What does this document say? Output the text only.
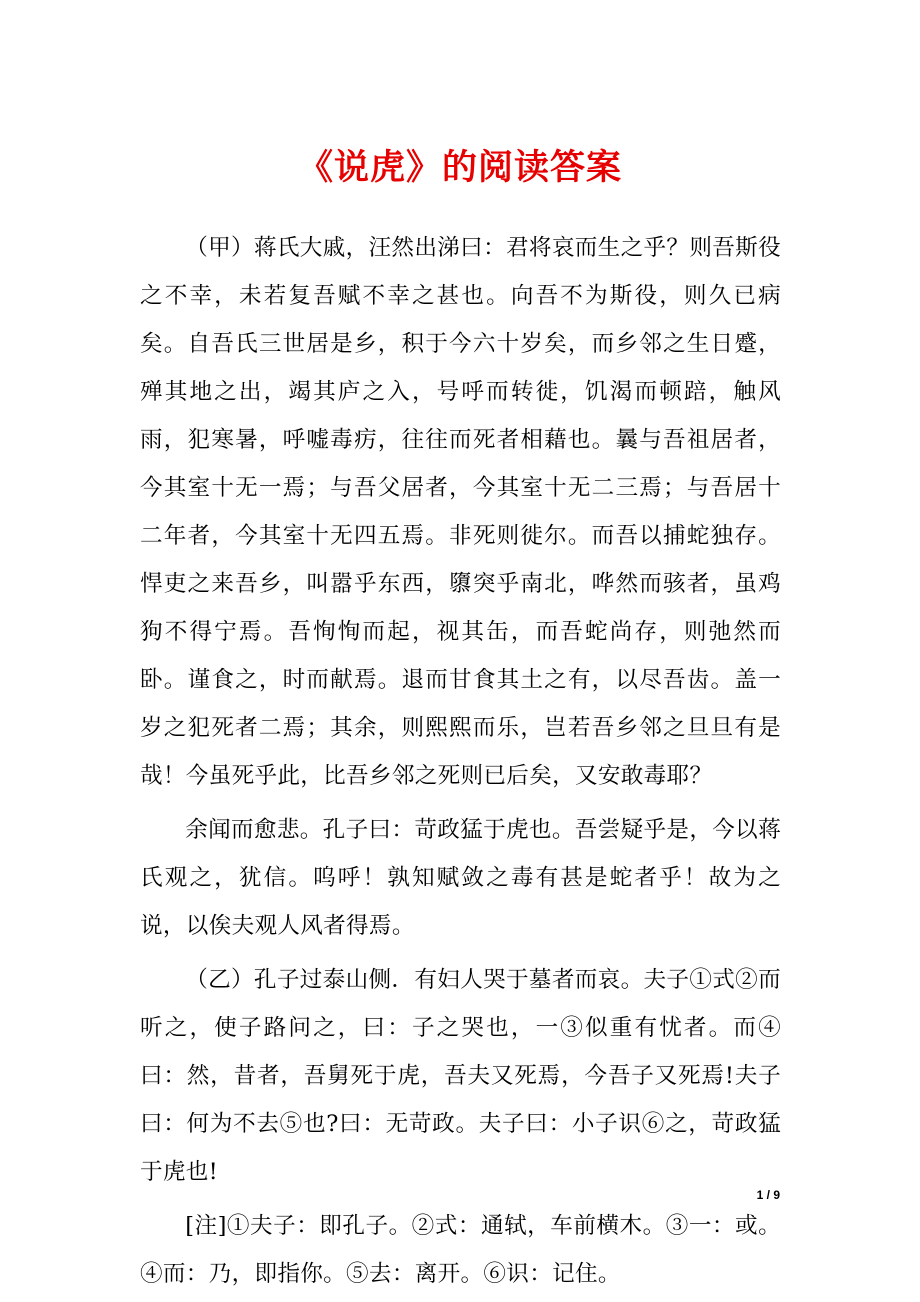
《说虎》的阅读答案

（甲）蒋氏大戚，汪然出涕曰：君将哀而生之乎？则吾斯役之不幸，未若复吾赋不幸之甚也。向吾不为斯役，则久已病矣。自吾氏三世居是乡，积于今六十岁矣，而乡邻之生日蹙，殚其地之出，竭其庐之入，号呼而转徙，饥渴而顿踣，触风雨，犯寒暑，呼嘘毒疠，往往而死者相藉也。曩与吾祖居者，今其室十无一焉；与吾父居者，今其室十无二三焉；与吾居十二年者，今其室十无四五焉。非死则徙尔。而吾以捕蛇独存。悍吏之来吾乡，叫嚣乎东西，隳突乎南北，哗然而骇者，虽鸡狗不得宁焉。吾恂恂而起，视其缶，而吾蛇尚存，则弛然而卧。谨食之，时而献焉。退而甘食其土之有，以尽吾齿。盖一岁之犯死者二焉；其余，则熙熙而乐，岂若吾乡邻之旦旦有是哉！今虽死乎此，比吾乡邻之死则已后矣，又安敢毒耶？

余闻而愈悲。孔子曰：苛政猛于虎也。吾尝疑乎是，今以蒋氏观之，犹信。呜呼！孰知赋敛之毒有甚是蛇者乎！故为之说，以俟夫观人风者得焉。

（乙）孔子过泰山侧．有妇人哭于墓者而哀。夫子①式②而听之，使子路问之，曰：子之哭也，一③似重有忧者。而④曰：然，昔者，吾舅死于虎，吾夫又死焉，今吾子又死焉!夫子曰：何为不去⑤也?曰：无苛政。夫子曰：小子识⑥之，苛政猛于虎也!

[注]①夫子：即孔子。②式：通轼，车前横木。③一：或。④而：乃，即指你。⑤去：离开。⑥识：记住。

1 / 9
